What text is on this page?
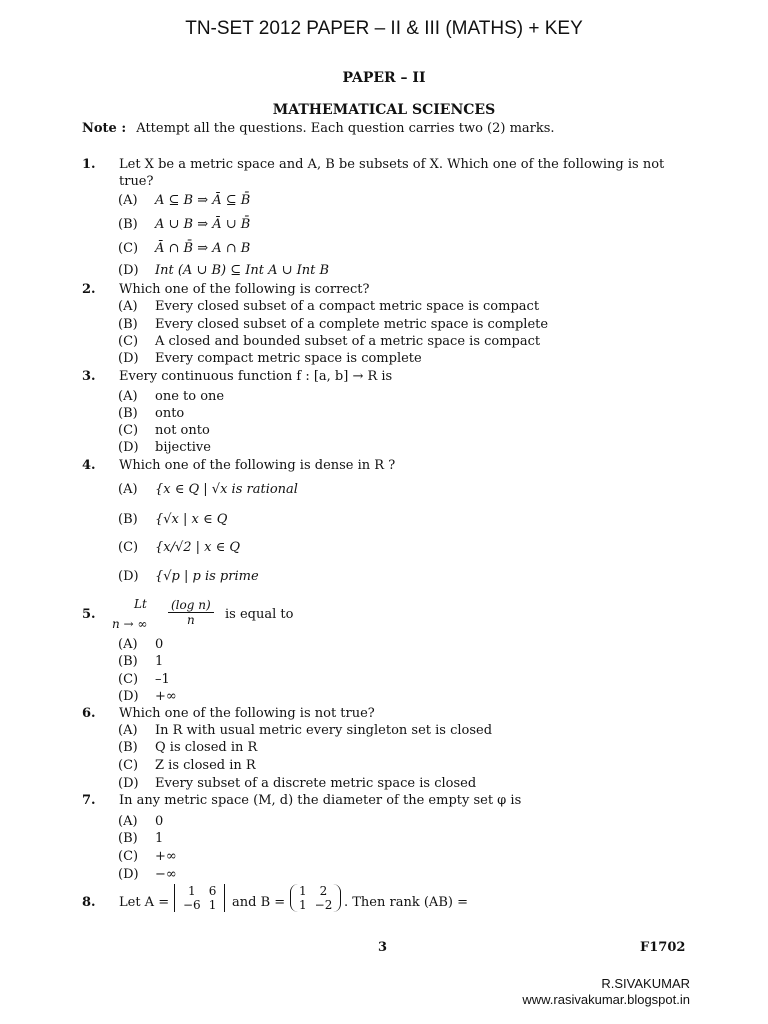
TN-SET 2012 PAPER – II & III (MATHS) + KEY
PAPER – II
MATHEMATICAL SCIENCES
Note : Attempt all the questions. Each question carries two (2) marks.
1.	Let X be a metric space and A, B be subsets of X. Which one of the following is not true?
(A) A ⊆ B ⇒ Ā ⊆ B̄
(B) A ∪ B ⇒ Ā ∪ B̄
(C) Ā ∩ B̄ ⇒ A ∩ B
(D) Int (A ∪ B) ⊆ Int A ∪ Int B
2.	Which one of the following is correct?
(A) Every closed subset of a compact metric space is compact
(B) Every closed subset of a complete metric space is complete
(C) A closed and bounded subset of a metric space is compact
(D) Every compact metric space is complete
3.	Every continuous function f : [a, b] → R is
(A) one to one
(B) onto
(C) not onto
(D) bijective
4.	Which one of the following is dense in R ?
(A) {x ∈ Q | √x is rational
(B) {√x | x ∈ Q
(C) {x/√2 | x ∈ Q
(D) {√p | p is prime
5.
Lt
n → ∞ $\frac{\text{(log n)}}{n}$ is equal to
(A) 0
(B) 1
(C) –1
(D) +∞
6.	Which one of the following is not true?
(A) In R with usual metric every singleton set is closed
(B) Q is closed in R
(C) Z is closed in R
(D) Every subset of a discrete metric space is closed
7.	In any metric space (M, d) the diameter of the empty set φ is
(A) 0
(B) 1
(C) +∞
(D) −∞
8.	Let A =
1	6
−6	1 and B =
1	2
1	−2 . Then rank (AB) =
3	F1702
R.SIVAKUMAR
www.rasivakumar.blogspot.in
